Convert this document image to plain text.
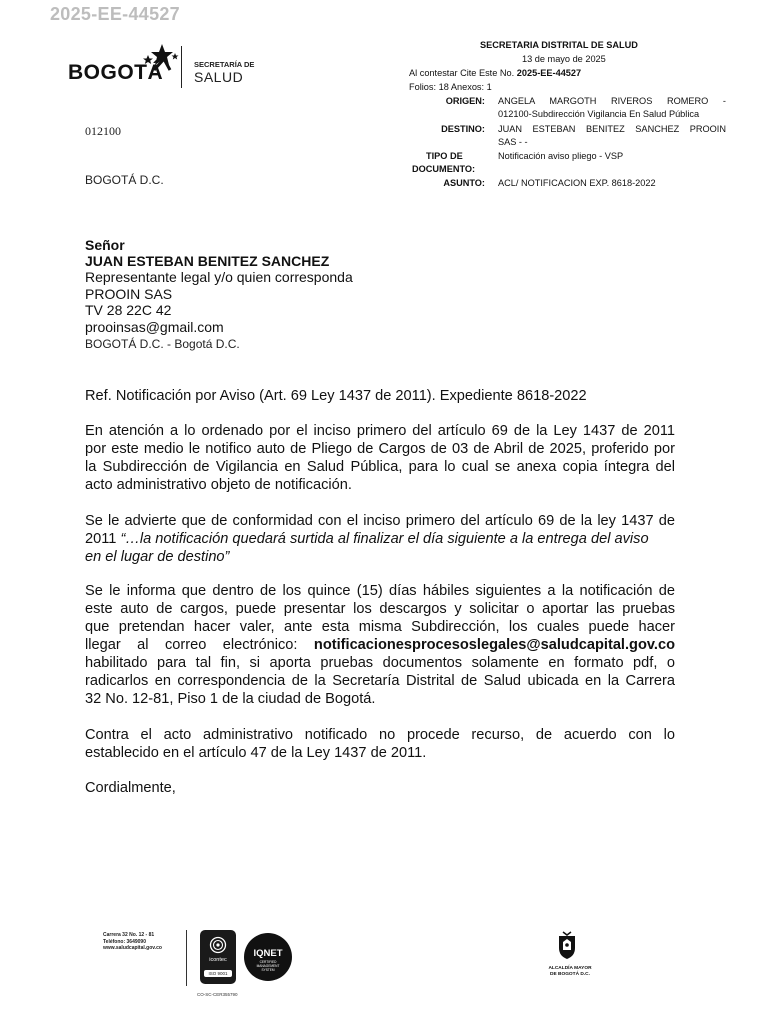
2025-EE-44527
BOGOTÁ	SECRETARÍA DE
SALUD
SECRETARIA DISTRITAL DE SALUD
13 de mayo de 2025
Al contestar Cite Este No. 2025-EE-44527
Folios: 18 Anexos: 1
ORIGEN: ANGELA MARGOTH RIVEROS ROMERO -
012100-Subdirección Vigilancia En Salud Pública
DESTINO: JUAN ESTEBAN BENITEZ SANCHEZ PROOIN
SAS - -
TIPO DE
DOCUMENTO:
Notificación aviso pliego - VSP
ASUNTO: ACL/ NOTIFICACION EXP. 8618-2022
012100
BOGOTÁ D.C.
Señor
JUAN ESTEBAN BENITEZ SANCHEZ
Representante legal y/o quien corresponda
PROOIN SAS
TV 28 22C 42
prooinsas@gmail.com
BOGOTÁ D.C. - Bogotá D.C.
Ref. Notificación por Aviso (Art. 69 Ley 1437 de 2011). Expediente 8618-2022
En atención a lo ordenado por el inciso primero del artículo 69 de la Ley 1437 de 2011
por este medio le notifico auto de Pliego de Cargos de 03 de Abril de 2025, proferido por
la Subdirección de Vigilancia en Salud Pública, para lo cual se anexa copia íntegra del
acto administrativo objeto de notificación.
Se le advierte que de conformidad con el inciso primero del artículo 69 de la ley 1437 de
2011 “…la notificación quedará surtida al finalizar el día siguiente a la entrega del aviso
en el lugar de destino”
Se le informa que dentro de los quince (15) días hábiles siguientes a la notificación de
este auto de cargos, puede presentar los descargos y solicitar o aportar las pruebas
que pretendan hacer valer, ante esta misma Subdirección, los cuales puede hacer
llegar al correo electrónico: notificacionesprocesoslegales@saludcapital.gov.co
habilitado para tal fin, si aporta pruebas documentos solamente en formato pdf, o
radicarlos en correspondencia de la Secretaría Distrital de Salud ubicada en la Carrera
32 No. 12-81, Piso 1 de la ciudad de Bogotá.
Contra el acto administrativo notificado no procede recurso, de acuerdo con lo
establecido en el artículo 47 de la Ley 1437 de 2011.
Cordialmente,
Carrera 32 No. 12 - 81
Teléfono: 3649090
www.saludcapital.gov.co
icontec
ISO 9001
IQNET
CERTIFIED
MANAGEMENT
SYSTEM
CO-SC-CER355790
ALCALDÍA MAYOR
DE BOGOTÁ D.C.
